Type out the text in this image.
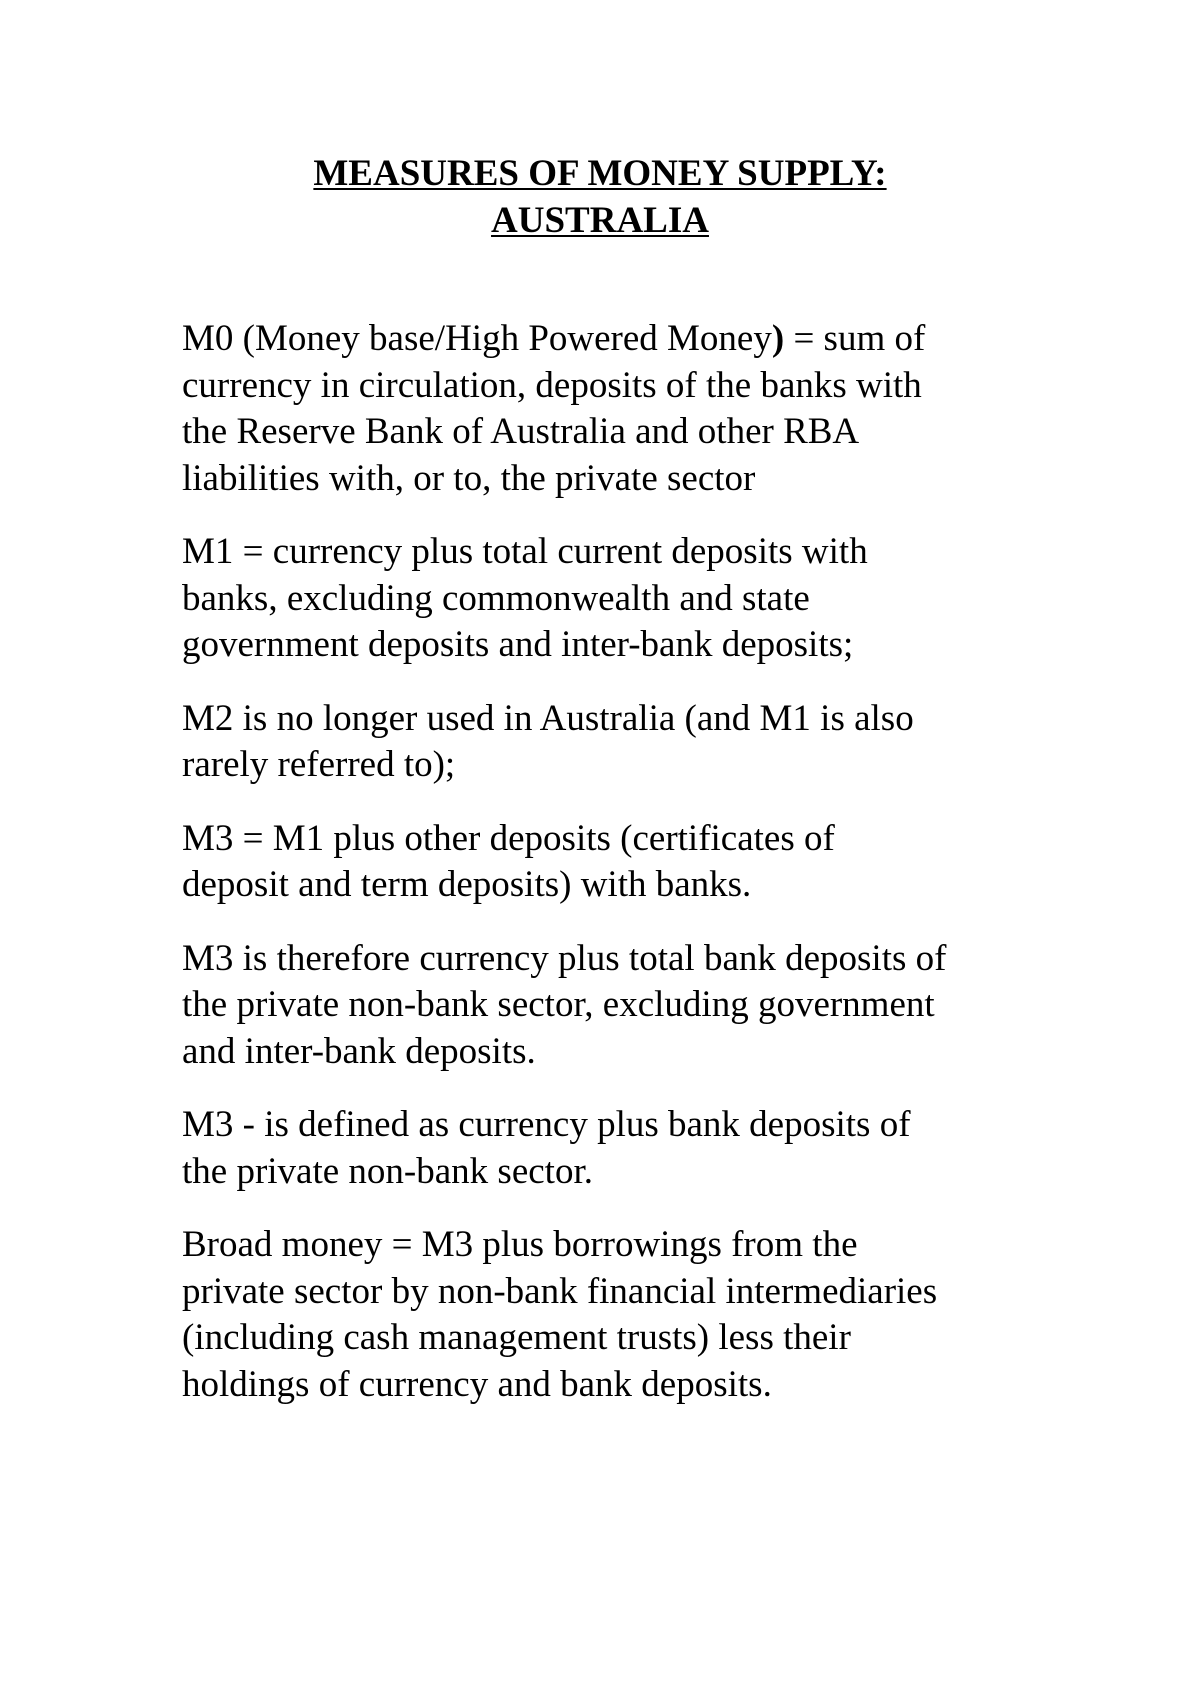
MEASURES OF MONEY SUPPLY:
AUSTRALIA

M0 (Money base/High Powered Money) = sum of
currency in circulation, deposits of the banks with
the Reserve Bank of Australia and other RBA
liabilities with, or to, the private sector

M1 = currency plus total current deposits with
banks, excluding commonwealth and state
government deposits and inter-bank deposits;

M2 is no longer used in Australia (and M1 is also
rarely referred to);

M3 = M1 plus other deposits (certificates of
deposit and term deposits) with banks.

M3 is therefore currency plus total bank deposits of
the private non-bank sector, excluding government
and inter-bank deposits.

M3 - is defined as currency plus bank deposits of
the private non-bank sector.

Broad money = M3 plus borrowings from the
private sector by non-bank financial intermediaries
(including cash management trusts) less their
holdings of currency and bank deposits.
